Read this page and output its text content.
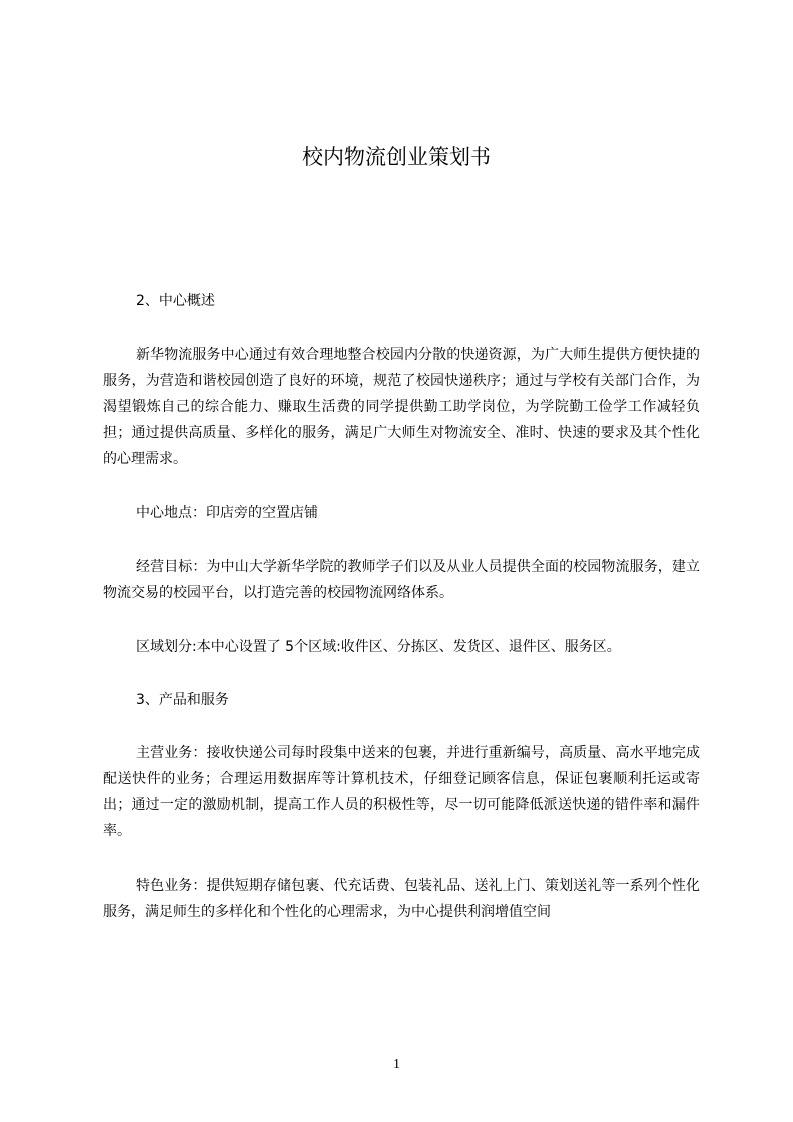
校内物流创业策划书
2、中心概述
新华物流服务中心通过有效合理地整合校园内分散的快递资源，为广大师生提供方便快捷的服务，为营造和谐校园创造了良好的环境，规范了校园快递秩序；通过与学校有关部门合作，为渴望锻炼自己的综合能力、赚取生活费的同学提供勤工助学岗位，为学院勤工俭学工作减轻负担；通过提供高质量、多样化的服务，满足广大师生对物流安全、准时、快速的要求及其个性化的心理需求。
中心地点：印店旁的空置店铺
经营目标：为中山大学新华学院的教师学子们以及从业人员提供全面的校园物流服务，建立物流交易的校园平台，以打造完善的校园物流网络体系。
区域划分:本中心设置了 5个区域:收件区、分拣区、发货区、退件区、服务区。
3、产品和服务
主营业务：接收快递公司每时段集中送来的包裹，并进行重新编号，高质量、高水平地完成配送快件的业务；合理运用数据库等计算机技术，仔细登记顾客信息，保证包裹顺利托运或寄出；通过一定的激励机制，提高工作人员的积极性等，尽一切可能降低派送快递的错件率和漏件率。
特色业务：提供短期存储包裹、代充话费、包装礼品、送礼上门、策划送礼等一系列个性化服务，满足师生的多样化和个性化的心理需求，为中心提供利润增值空间
1
